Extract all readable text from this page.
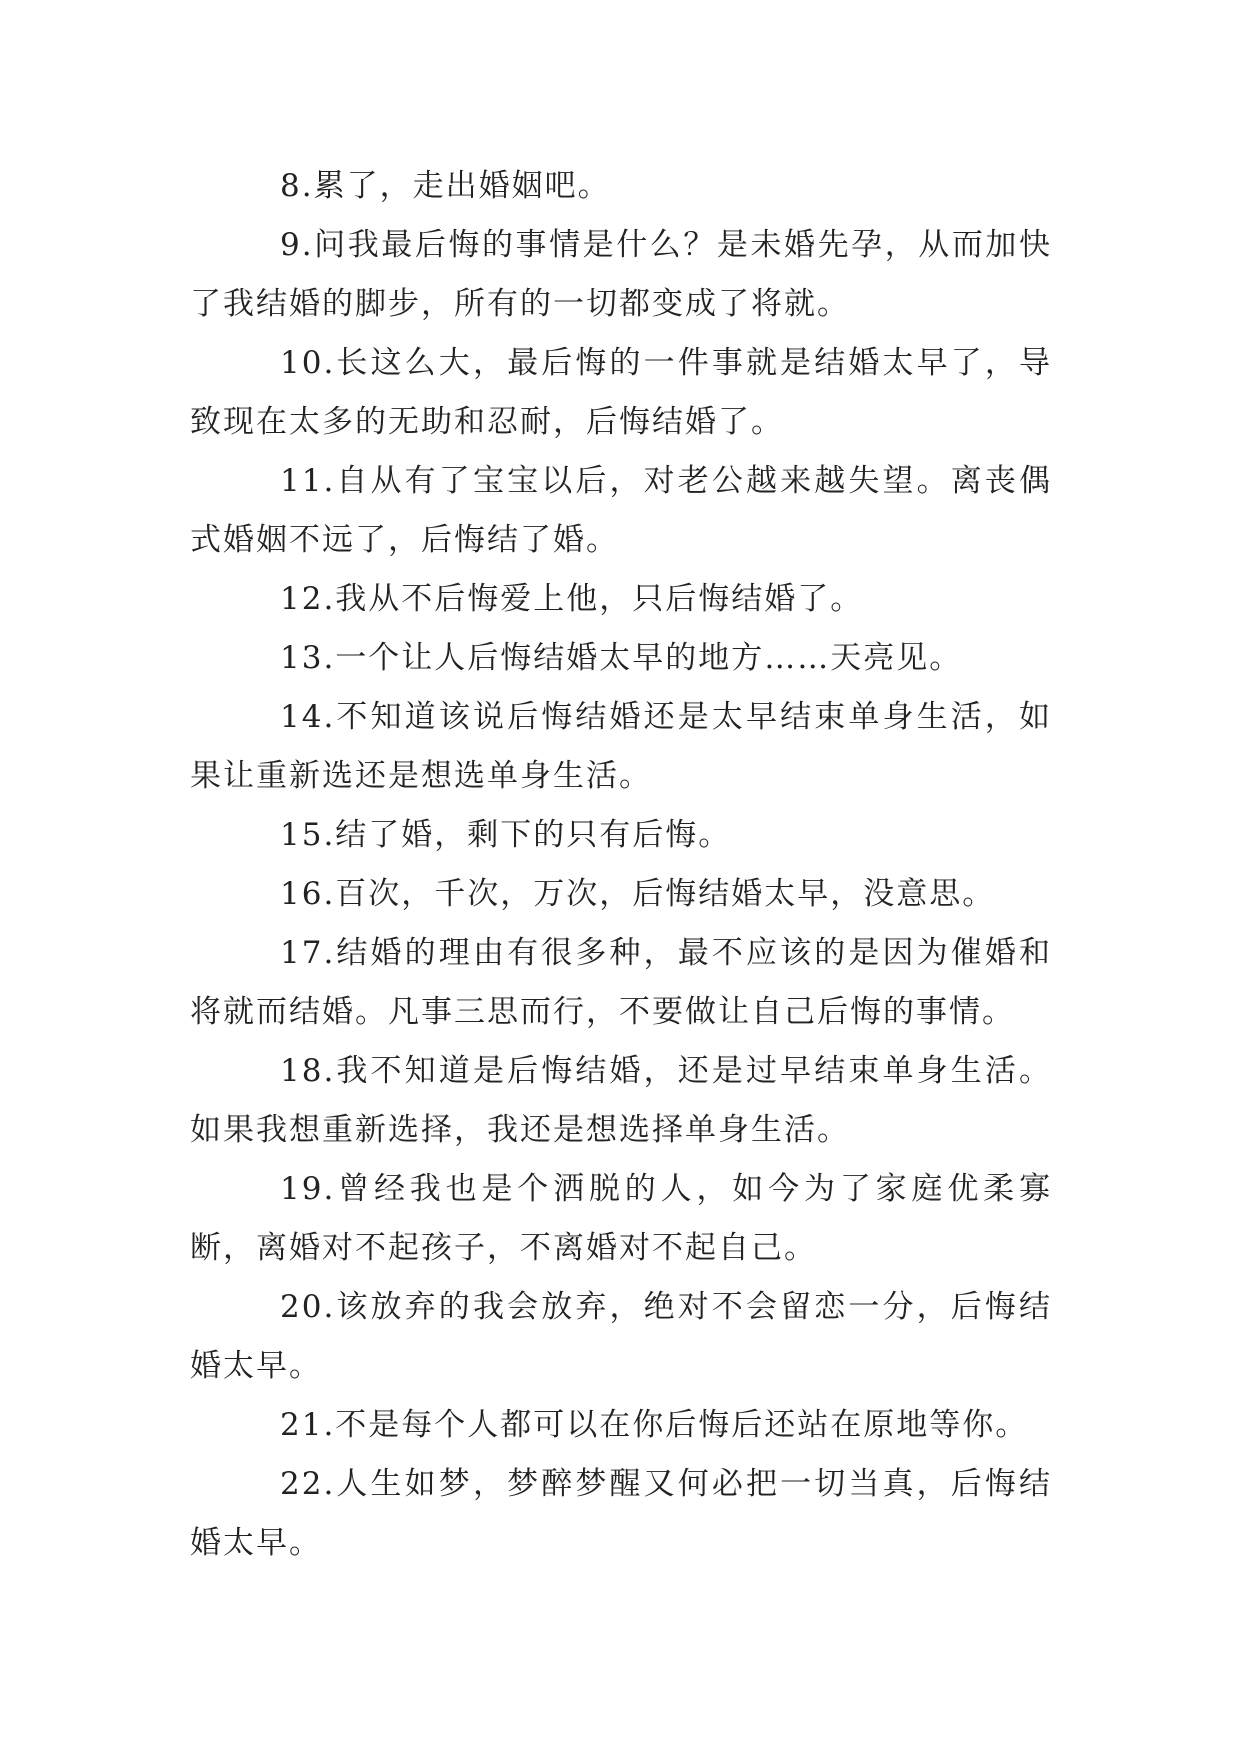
8.累了，走出婚姻吧。

9.问我最后悔的事情是什么？是未婚先孕，从而加快了我结婚的脚步，所有的一切都变成了将就。

10.长这么大，最后悔的一件事就是结婚太早了，导致现在太多的无助和忍耐，后悔结婚了。

11.自从有了宝宝以后，对老公越来越失望。离丧偶式婚姻不远了，后悔结了婚。

12.我从不后悔爱上他，只后悔结婚了。

13.一个让人后悔结婚太早的地方……天亮见。

14.不知道该说后悔结婚还是太早结束单身生活，如果让重新选还是想选单身生活。

15.结了婚，剩下的只有后悔。

16.百次，千次，万次，后悔结婚太早，没意思。

17.结婚的理由有很多种，最不应该的是因为催婚和将就而结婚。凡事三思而行，不要做让自己后悔的事情。

18.我不知道是后悔结婚，还是过早结束单身生活。如果我想重新选择，我还是想选择单身生活。

19.曾经我也是个洒脱的人，如今为了家庭优柔寡断，离婚对不起孩子，不离婚对不起自己。

20.该放弃的我会放弃，绝对不会留恋一分，后悔结婚太早。

21.不是每个人都可以在你后悔后还站在原地等你。

22.人生如梦，梦醉梦醒又何必把一切当真，后悔结婚太早。
